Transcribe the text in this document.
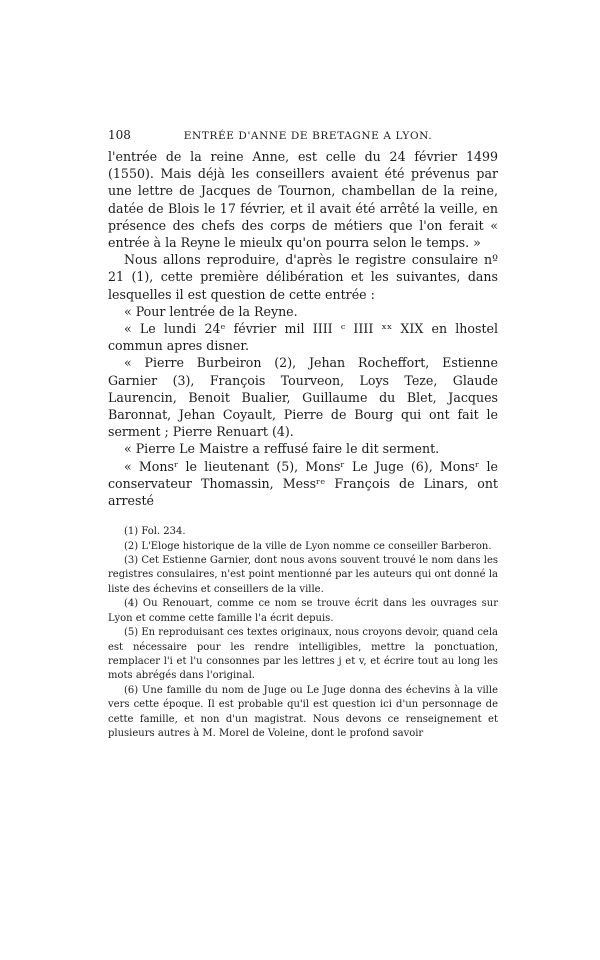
108	ENTRÉE D'ANNE DE BRETAGNE A LYON.

l'entrée de la reine Anne, est celle du 24 février 1499 (1550). Mais déjà les conseillers avaient été prévenus par une lettre de Jacques de Tournon, chambellan de la reine, datée de Blois le 17 février, et il avait été arrêté la veille, en présence des chefs des corps de métiers que l'on ferait « entrée à la Reyne le mieulx qu'on pourra selon le temps. »

Nous allons reproduire, d'après le registre consulaire nº 21 (1), cette première délibération et les suivantes, dans lesquelles il est question de cette entrée :

« Pour lentrée de la Reyne.

« Le lundi 24ᵉ février mil IIII ᶜ IIII ˣˣ XIX en lhostel commun apres disner.

« Pierre Burbeiron (2), Jehan Rocheffort, Estienne Garnier (3), François Tourveon, Loys Teze, Glaude Laurencin, Benoit Bualier, Guillaume du Blet, Jacques Baronnat, Jehan Coyault, Pierre de Bourg qui ont fait le serment ; Pierre Renuart (4).

« Pierre Le Maistre a reffusé faire le dit serment.

« Monsʳ le lieutenant (5), Monsʳ Le Juge (6), Monsʳ le conservateur Thomassin, Messʳᵉ François de Linars, ont arresté

(1) Fol. 234.

(2) L'Eloge historique de la ville de Lyon nomme ce conseiller Barberon.

(3) Cet Estienne Garnier, dont nous avons souvent trouvé le nom dans les registres consulaires, n'est point mentionné par les auteurs qui ont donné la liste des échevins et conseillers de la ville.

(4) Ou Renouart, comme ce nom se trouve écrit dans les ouvrages sur Lyon et comme cette famille l'a écrit depuis.

(5) En reproduisant ces textes originaux, nous croyons devoir, quand cela est nécessaire pour les rendre intelligibles, mettre la ponctuation, remplacer l'i et l'u consonnes par les lettres j et v, et écrire tout au long les mots abrégés dans l'original.

(6) Une famille du nom de Juge ou Le Juge donna des échevins à la ville vers cette époque. Il est probable qu'il est question ici d'un personnage de cette famille, et non d'un magistrat. Nous devons ce renseignement et plusieurs autres à M. Morel de Voleine, dont le profond savoir
